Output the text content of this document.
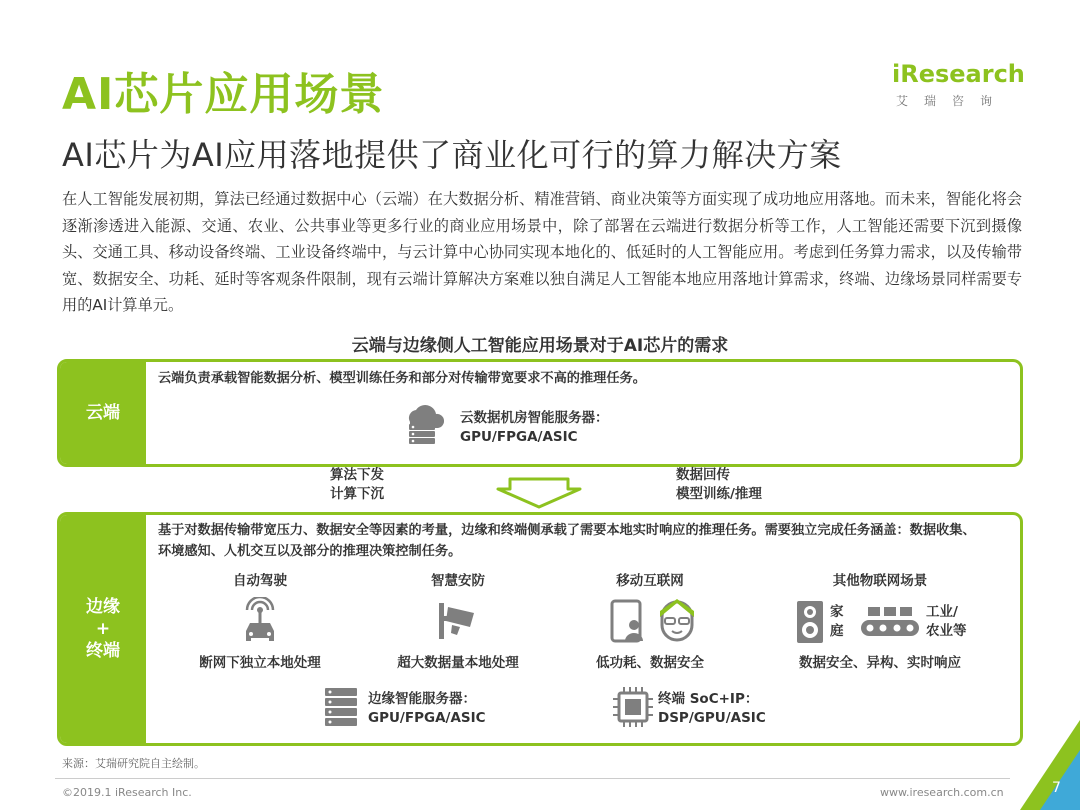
AI芯片应用场景	iResearch
艾瑞咨询
AI芯片为AI应用落地提供了商业化可行的算力解决方案
在人工智能发展初期，算法已经通过数据中心（云端）在大数据分析、精准营销、商业决策等方面实现了成功地应用落地。而未来，智能化将会逐渐渗透进入能源、交通、农业、公共事业等更多行业的商业应用场景中，除了部署在云端进行数据分析等工作，人工智能还需要下沉到摄像头、交通工具、移动设备终端、工业设备终端中，与云计算中心协同实现本地化的、低延时的人工智能应用。考虑到任务算力需求，以及传输带宽、数据安全、功耗、延时等客观条件限制，现有云端计算解决方案难以独自满足人工智能本地应用落地计算需求，终端、边缘场景同样需要专用的AI计算单元。
云端与边缘侧人工智能应用场景对于AI芯片的需求
云端
云端负责承载智能数据分析、模型训练任务和部分对传输带宽要求不高的推理任务。
云数据机房智能服务器：
GPU/FPGA/ASIC
算法下发
计算下沉
数据回传
模型训练/推理
边缘
+
终端
基于对数据传输带宽压力、数据安全等因素的考量，边缘和终端侧承载了需要本地实时响应的推理任务。需要独立完成任务涵盖：数据收集、环境感知、人机交互以及部分的推理决策控制任务。
自动驾驶
断网下独立本地处理
智慧安防
超大数据量本地处理
移动互联网
低功耗、数据安全
其他物联网场景
家
庭
工业/
农业等
数据安全、异构、实时响应
边缘智能服务器：
GPU/FPGA/ASIC
终端 SoC+IP：
DSP/GPU/ASIC
来源：艾瑞研究院自主绘制。
©2019.1 iResearch Inc.	www.iresearch.com.cn	7
